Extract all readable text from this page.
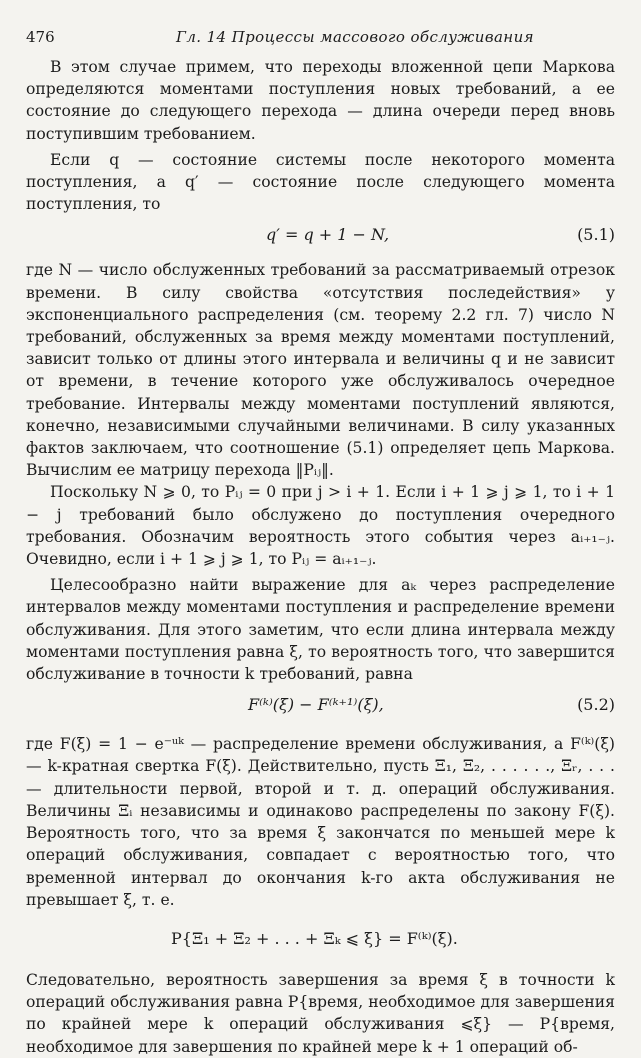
476	Гл. 14 Процессы массового обслуживания

В этом случае примем, что переходы вложенной цепи Маркова определяются моментами поступления новых требований, а ее состояние до следующего перехода — длина очереди перед вновь поступившим требованием.

Если q — состояние системы после некоторого момента поступления, а q′ — состояние после следующего момента поступления, то

q′ = q + 1 − N,	(5.1)

где N — число обслуженных требований за рассматриваемый отрезок времени. В силу свойства «отсутствия последействия» у экспоненциального распределения (см. теорему 2.2 гл. 7) число N требований, обслуженных за время между моментами поступлений, зависит только от длины этого интервала и величины q и не зависит от времени, в течение которого уже обслуживалось очередное требование. Интервалы между моментами поступлений являются, конечно, независимыми случайными величинами. В силу указанных фактов заключаем, что соотношение (5.1) определяет цепь Маркова. Вычислим ее матрицу перехода ‖Pᵢⱼ‖.

Поскольку N ⩾ 0, то Pᵢⱼ = 0 при j > i + 1. Если i + 1 ⩾ j ⩾ 1, то i + 1 − j требований было обслужено до поступления очередного требования. Обозначим вероятность этого события через aᵢ₊₁₋ⱼ. Очевидно, если i + 1 ⩾ j ⩾ 1, то Pᵢⱼ = aᵢ₊₁₋ⱼ.

Целесообразно найти выражение для aₖ через распределение интервалов между моментами поступления и распределение времени обслуживания. Для этого заметим, что если длина интервала между моментами поступления равна ξ, то вероятность того, что завершится обслуживание в точности k требований, равна

F⁽ᵏ⁾(ξ) − F⁽ᵏ⁺¹⁾(ξ),	(5.2)

где F(ξ) = 1 − e⁻ᵘᵏ — распределение времени обслуживания, а F⁽ᵏ⁾(ξ) — k-кратная свертка F(ξ). Действительно, пусть Ξ₁, Ξ₂, . . . . . ., Ξᵣ, . . . — длительности первой, второй и т. д. операций обслуживания. Величины Ξᵢ независимы и одинаково распределены по закону F(ξ). Вероятность того, что за время ξ закончатся по меньшей мере k операций обслуживания, совпадает с вероятностью того, что временной интервал до окончания k-го акта обслуживания не превышает ξ, т. е.

P{Ξ₁ + Ξ₂ + . . . + Ξₖ ⩽ ξ} = F⁽ᵏ⁾(ξ).

Следовательно, вероятность завершения за время ξ в точности k операций обслуживания равна P{время, необходимое для завершения по крайней мере k операций обслуживания ⩽ξ} — P{время, необходимое для завершения по крайней мере k + 1 операций об-
